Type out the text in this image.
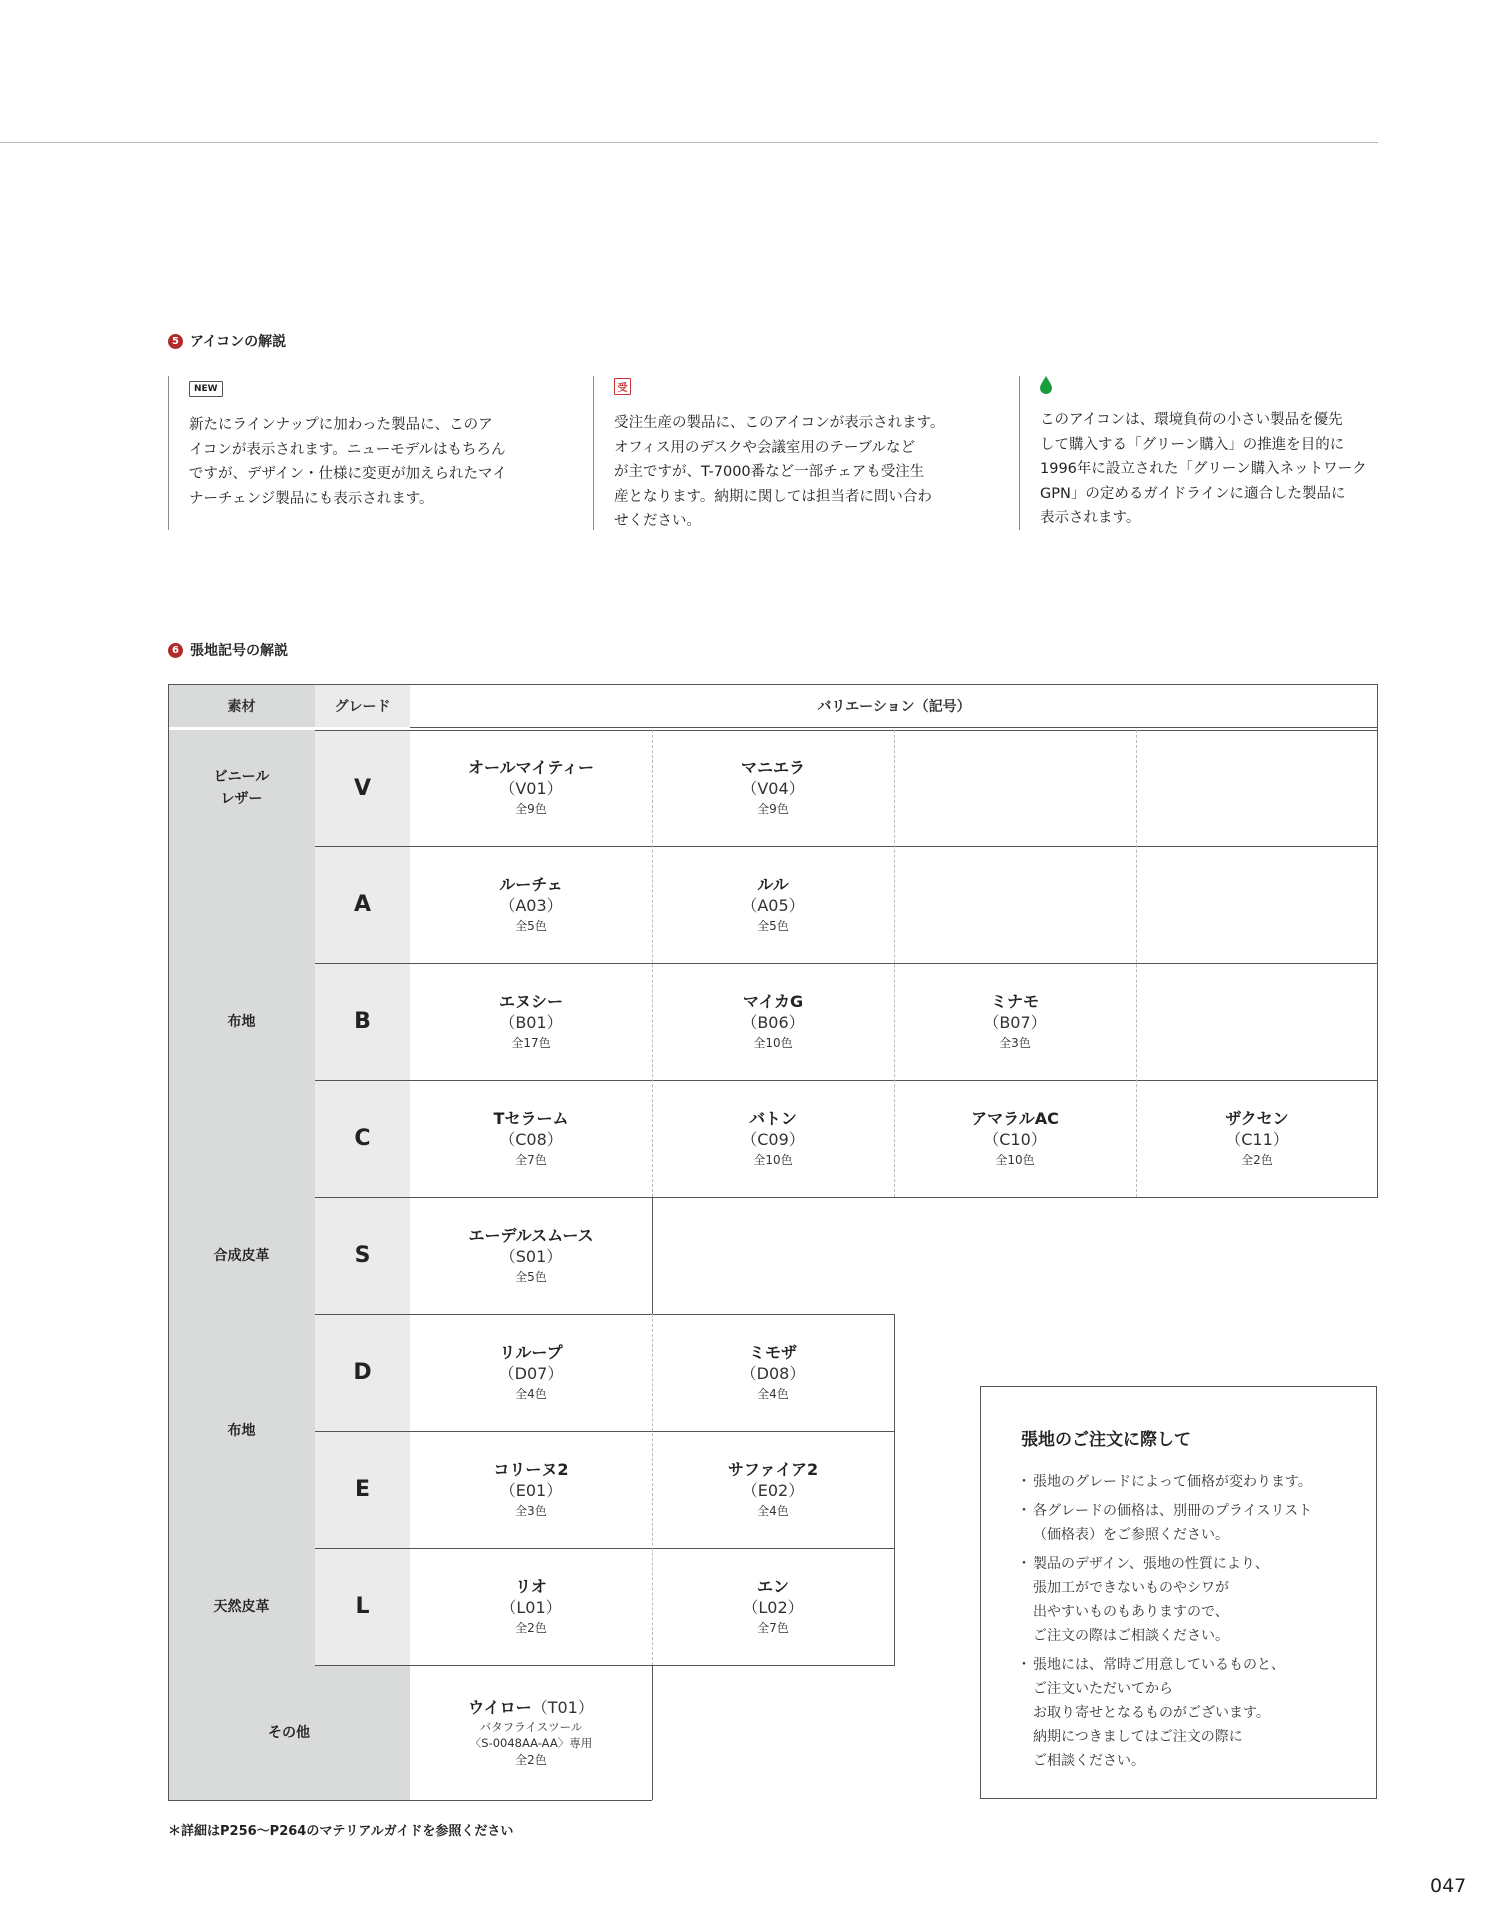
5 アイコンの解説
NEW
新たにラインナップに加わった製品に、このア
イコンが表示されます。ニューモデルはもちろん
ですが、デザイン・仕様に変更が加えられたマイ
ナーチェンジ製品にも表示されます。
受
受注生産の製品に、このアイコンが表示されます。
オフィス用のデスクや会議室用のテーブルなど
が主ですが、T-7000番など一部チェアも受注生
産となります。納期に関しては担当者に問い合わ
せください。
このアイコンは、環境負荷の小さい製品を優先
して購入する「グリーン購入」の推進を目的に
1996年に設立された「グリーン購入ネットワーク
GPN」の定めるガイドラインに適合した製品に
表示されます。
6 張地記号の解説
素材	グレード	バリエーション（記号）
ビニール
レザー
布地
合成皮革
布地
天然皮革
その他
V
A
B
C
S
D
E
L
オールマイティー
（V01）
全9色
マニエラ
（V04）
全9色
ルーチェ
（A03）
全5色
ルル
（A05）
全5色
エヌシー
（B01）
全17色
マイカG
（B06）
全10色
ミナモ
（B07）
全3色
Tセラーム
（C08）
全7色
バトン
（C09）
全10色
アマラルAC
（C10）
全10色
ザクセン
（C11）
全2色
エーデルスムース
（S01）
全5色
リループ
（D07）
全4色
ミモザ
（D08）
全4色
コリーヌ2
（E01）
全3色
サファイア2
（E02）
全4色
リオ
（L01）
全2色
エン
（L02）
全7色
ウイロー（T01）
バタフライスツール
〈S-0048AA-AA〉専用
全2色
張地のご注文に際して
・ 張地のグレードによって価格が変わります。
・ 各グレードの価格は、別冊のプライスリスト
（価格表）をご参照ください。
・ 製品のデザイン、張地の性質により、
張加工ができないものやシワが
出やすいものもありますので、
ご注文の際はご相談ください。
・ 張地には、常時ご用意しているものと、
ご注文いただいてから
お取り寄せとなるものがございます。
納期につきましてはご注文の際に
ご相談ください。
＊詳細はP256〜P264のマテリアルガイドを参照ください
047
